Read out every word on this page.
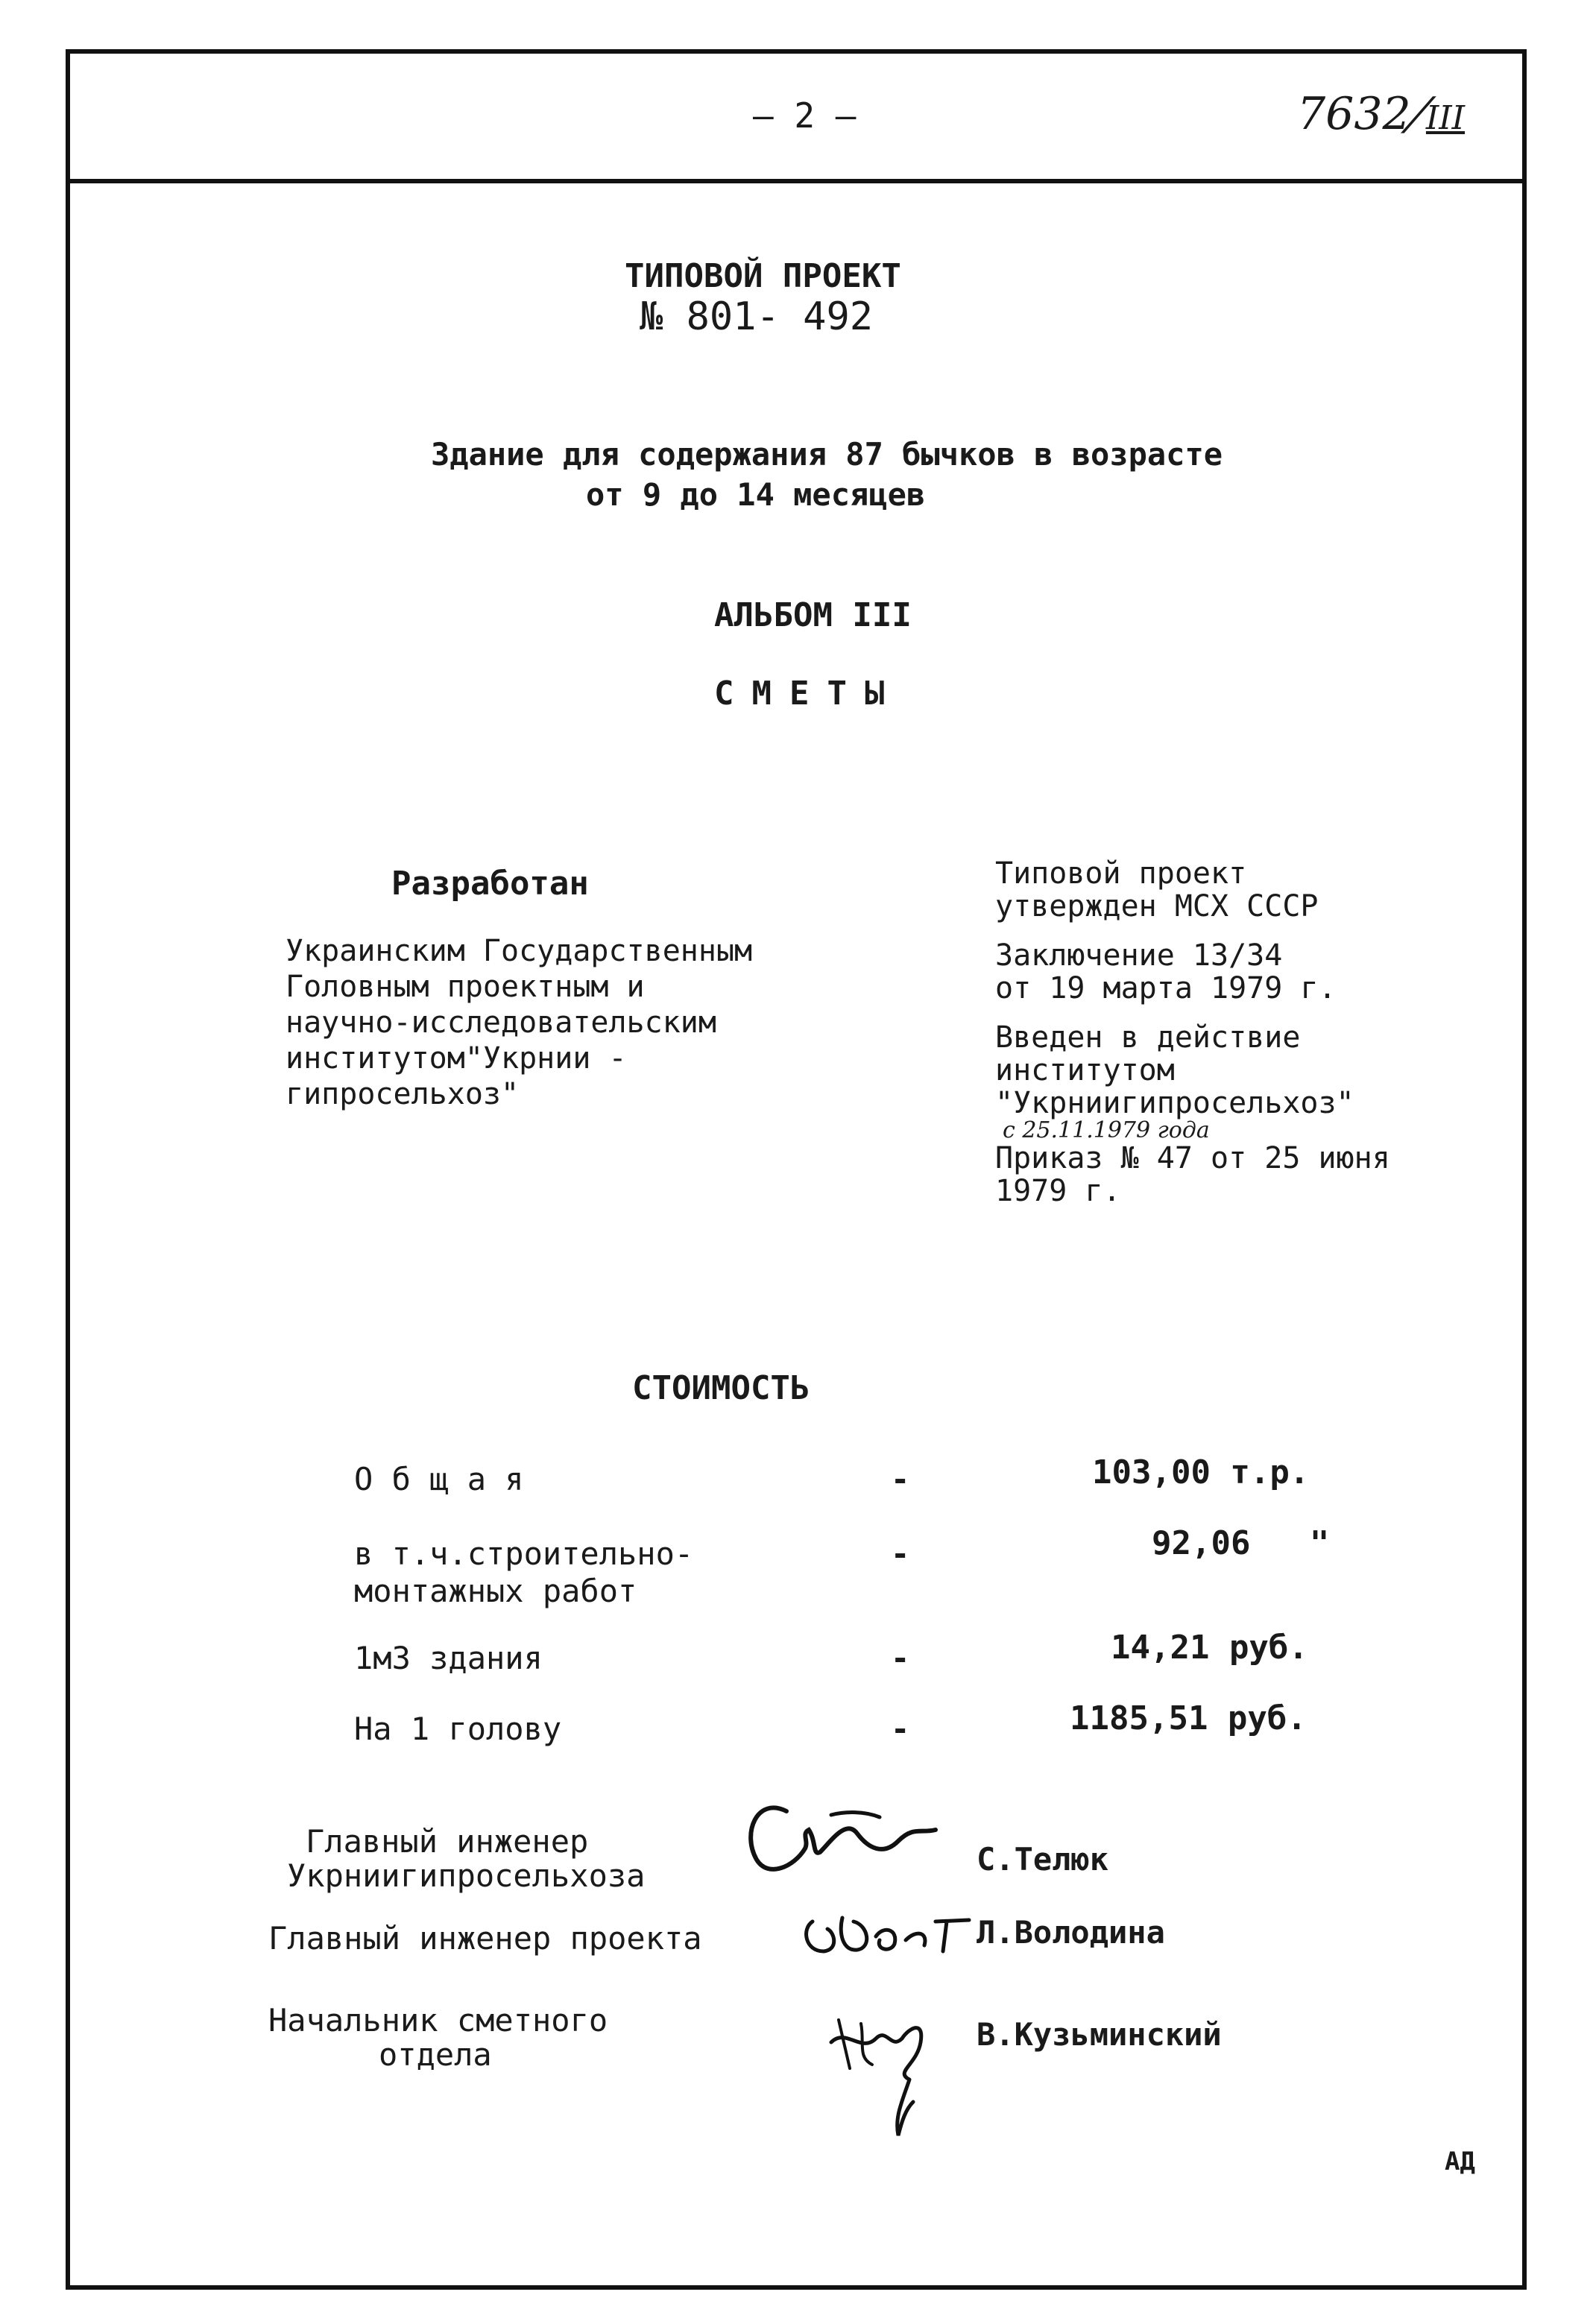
– 2 –	7632/III
ТИПОВОЙ ПРОЕКТ
№ 801- 492
Здание для содержания 87 бычков в возрасте
от 9 до 14 месяцев
АЛЬБОМ III
СМЕТЫ
Разработан
Украинским Государственным
Головным проектным и
научно-исследовательским
институтом"Укрнии -
гипросельхоз"
Типовой проект
утвержден МСХ СССР
Заключение 13/34
от 19 марта 1979 г.
Введен в действие
институтом
"Укрниигипросельхоз"
с 25.11.1979 года
Приказ № 47 от 25 июня
1979 г.
СТОИМОСТЬ
О б щ а я	-	103,00 т.р.
в т.ч.строительно-
монтажных работ
-	92,06   "
1м3 здания	-	14,21 руб.
На 1 голову	-	1185,51 руб.
Главный инженер
Укрниигипросельхоза	С.Телюк
Главный инженер проекта	Л.Володина
Начальник сметного
отдела
В.Кузьминский
АД
